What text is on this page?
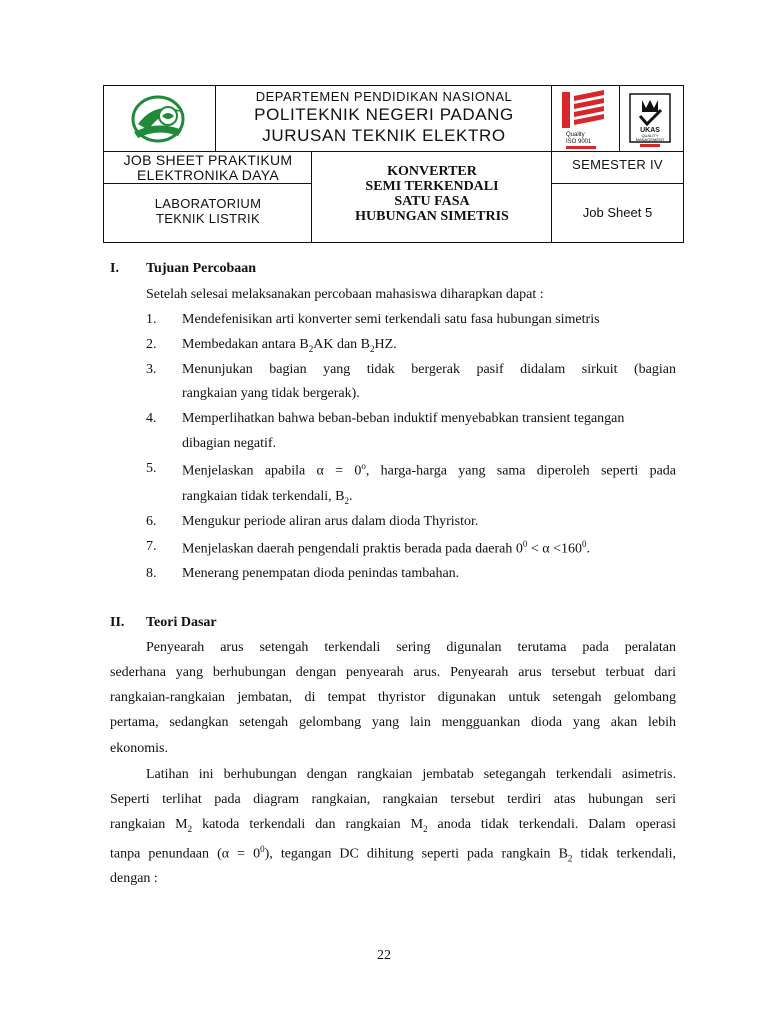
DEPARTEMEN PENDIDIKAN NASIONAL
POLITEKNIK NEGERI PADANG
JURUSAN TEKNIK ELEKTRO	Quality
ISO 9001
UKAS
QUALITY
MANAGEMENT
JOB SHEET PRAKTIKUM
ELEKTRONIKA DAYA
LABORATORIUM
TEKNIK LISTRIK
KONVERTER
SEMI TERKENDALI
SATU FASA
HUBUNGAN SIMETRIS
SEMESTER IV
Job Sheet 5
I. Tujuan Percobaan
Setelah selesai melaksanakan percobaan mahasiswa diharapkan dapat :
1. Mendefenisikan arti konverter semi terkendali satu fasa hubungan simetris
2. Membedakan antara $B_2AK$ dan $B_2HZ$.
3. Menunjukan bagian yang tidak bergerak pasif didalam sirkuit (bagian
rangkaian yang tidak bergerak).
4. Memperlihatkan bahwa beban-beban induktif menyebabkan transient tegangan
dibagian negatif.
5. Menjelaskan apabila $\alpha = 0^o$, harga-harga yang sama diperoleh seperti pada
rangkaian tidak terkendali, $B_2$.
6. Mengukur periode aliran arus dalam dioda Thyristor.
7. Menjelaskan daerah pengendali praktis berada pada daerah $0^0 < \alpha <160^0$.
8. Menerang penempatan dioda penindas tambahan.
II. Teori Dasar
Penyearah arus setengah terkendali sering digunalan terutama pada peralatan
sederhana yang berhubungan dengan penyearah arus. Penyearah arus tersebut terbuat dari
rangkaian-rangkaian jembatan, di tempat thyristor digunakan untuk setengah gelombang
pertama, sedangkan setengah gelombang yang lain mengguankan dioda yang akan lebih
ekonomis.
Latihan ini berhubungan dengan rangkaian jembatab setegangah terkendali asimetris.
Seperti terlihat pada diagram rangkaian, rangkaian tersebut terdiri atas hubungan seri
rangkaian $M_2$ katoda terkendali dan rangkaian $M_2$ anoda tidak terkendali. Dalam operasi
tanpa penundaan $(\alpha = 0^0)$, tegangan DC dihitung seperti pada rangkain $B_2$ tidak terkendali,
dengan :
22
